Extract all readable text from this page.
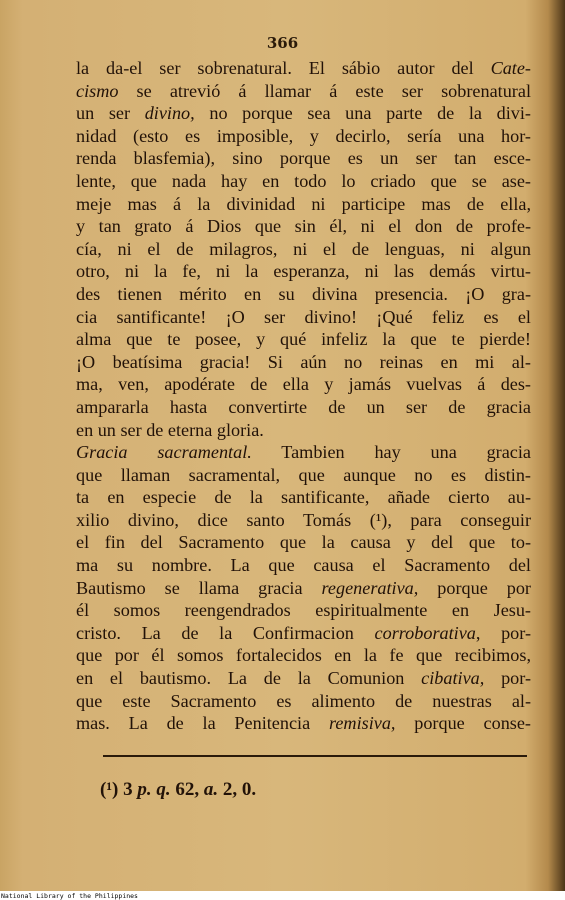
366
la da-el ser sobrenatural. El sábio autor del Cate-
cismo se atrevió á llamar á este ser sobrenatural
un ser divino, no porque sea una parte de la divi-
nidad (esto es imposible, y decirlo, sería una hor-
renda blasfemia), sino porque es un ser tan esce-
lente, que nada hay en todo lo criado que se ase-
meje mas á la divinidad ni participe mas de ella,
y tan grato á Dios que sin él, ni el don de profe-
cía, ni el de milagros, ni el de lenguas, ni algun
otro, ni la fe, ni la esperanza, ni las demás virtu-
des tienen mérito en su divina presencia. ¡O gra-
cia santificante! ¡O ser divino! ¡Qué feliz es el
alma que te posee, y qué infeliz la que te pierde!
¡O beatísima gracia! Si aún no reinas en mi al-
ma, ven, apodérate de ella y jamás vuelvas á des-
ampararla hasta convertirte de un ser de gracia
en un ser de eterna gloria.
Gracia sacramental. Tambien hay una gracia
que llaman sacramental, que aunque no es distin-
ta en especie de la santificante, añade cierto au-
xilio divino, dice santo Tomás (¹), para conseguir
el fin del Sacramento que la causa y del que to-
ma su nombre. La que causa el Sacramento del
Bautismo se llama gracia regenerativa, porque por
él somos reengendrados espiritualmente en Jesu-
cristo. La de la Confirmacion corroborativa, por-
que por él somos fortalecidos en la fe que recibimos,
en el bautismo. La de la Comunion cibativa, por-
que este Sacramento es alimento de nuestras al-
mas. La de la Penitencia remisiva, porque conse-
(¹) 3 p. q. 62, a. 2, 0.
National Library of the Philippines
